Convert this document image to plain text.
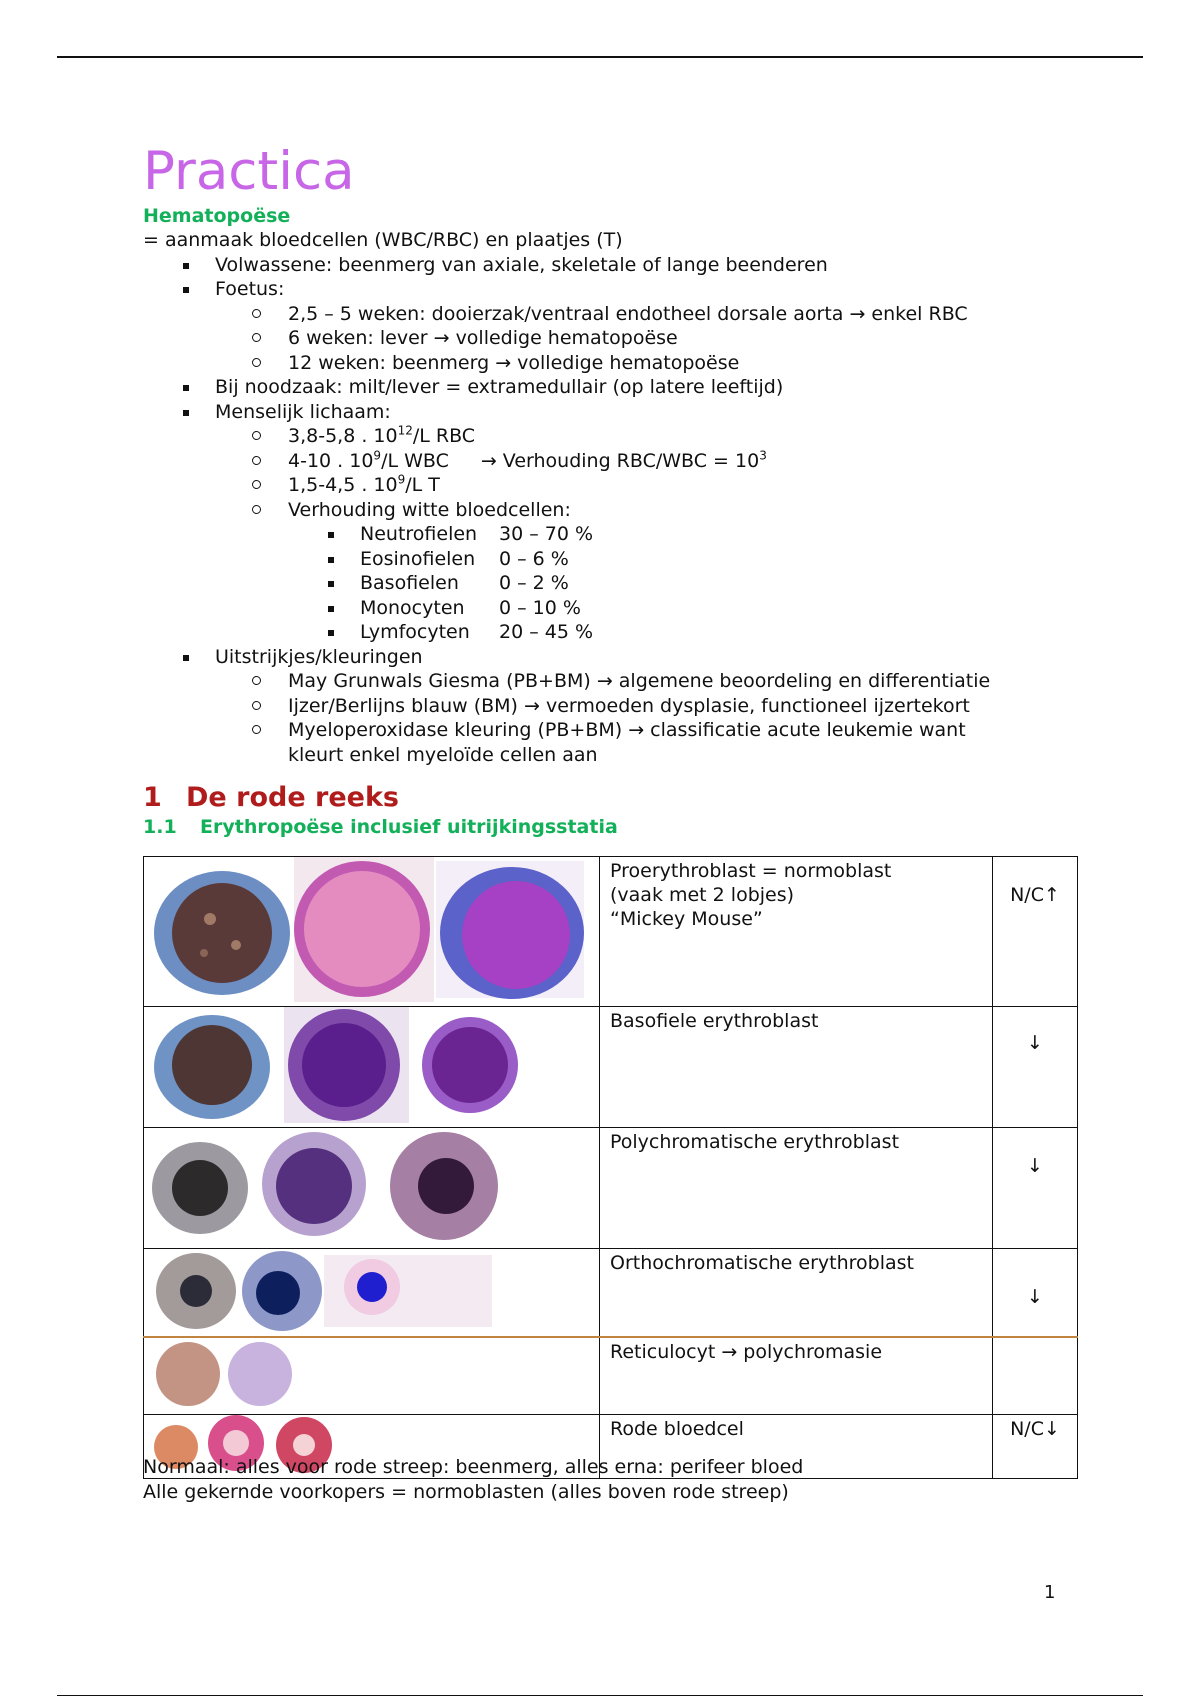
Practica
Hematopoëse
= aanmaak bloedcellen (WBC/RBC) en plaatjes (T)
Volwassene: beenmerg van axiale, skeletale of lange beenderen
Foetus:
2,5 – 5 weken: dooierzak/ventraal endotheel dorsale aorta → enkel RBC
6 weken: lever → volledige hematopoëse
12 weken: beenmerg → volledige hematopoëse
Bij noodzaak: milt/lever = extramedullair (op latere leeftijd)
Menselijk lichaam:
3,8-5,8 . $10^{12}/L$ RBC
4-10 . $10^9/L$ WBC → Verhouding $RBC/WBC = 10^3$
1,5-4,5 . $10^9/L$ T
Verhouding witte bloedcellen:
Neutrofielen 30 – 70 %
Eosinofielen 0 – 6 %
Basofielen 0 – 2 %
Monocyten 0 – 10 %
Lymfocyten 20 – 45 %
Uitstrijkjes/kleuringen
May Grunwals Giesma (PB+BM) → algemene beoordeling en differentiatie
Ijzer/Berlijns blauw (BM) → vermoeden dysplasie, functioneel ijzertekort
Myeloperoxidase kleuring (PB+BM) → classificatie acute leukemie want
kleurt enkel myeloïde cellen aan
1 De rode reeks
1.1 Erythropoëse inclusief uitrijkingsstatia

Proerythroblast = normoblast
(vaak met 2 lobjes)
“Mickey Mouse”	N/C↑

Basofiele erythroblast	↓

Polychromatische erythroblast	↓

Orthochromatische erythroblast	↓

Reticulocyt → polychromasie	

Rode bloedcel	N/C↓
Normaal: alles voor rode streep: beenmerg, alles erna: perifeer bloed
Alle gekernde voorkopers = normoblasten (alles boven rode streep)
1
